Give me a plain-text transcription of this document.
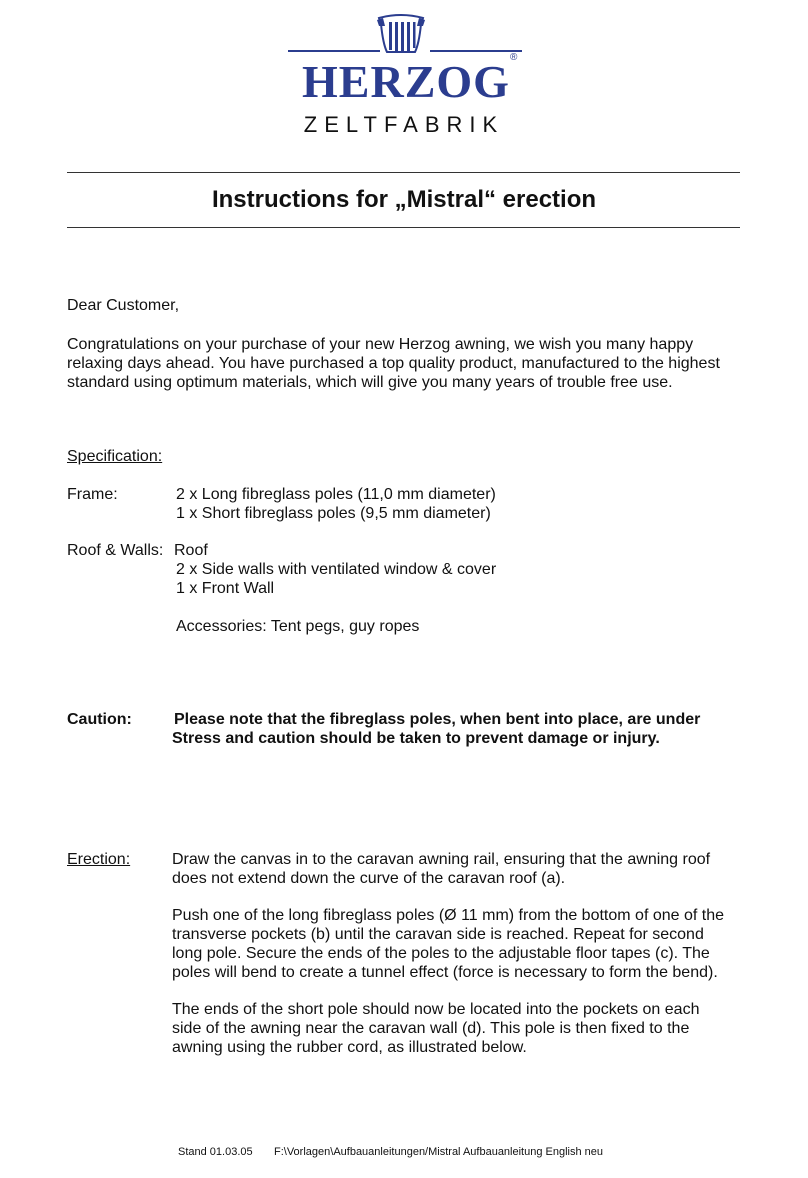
HERZOG ®
ZELTFABRIK
Instructions for „Mistral“ erection

Dear Customer,

Congratulations on your purchase of your new Herzog awning, we wish you many happy

relaxing days ahead. You have purchased a top quality product, manufactured to the highest

standard using optimum materials, which will give you many years of trouble free use.

Specification:

Frame:	2 x Long fibreglass poles (11,0 mm diameter)

1 x Short fibreglass poles (9,5 mm diameter)

Roof & Walls: Roof

2 x Side walls with ventilated window & cover

1 x Front Wall

Accessories: Tent pegs, guy ropes

Caution:	Please note that the fibreglass poles, when bent into place, are under

Stress and caution should be taken to prevent damage or injury.

Erection:	Draw the canvas in to the caravan awning rail, ensuring that the awning roof

does not extend down the curve of the caravan roof (a).

Push one of the long fibreglass poles (Ø 11 mm) from the bottom of one of the

transverse pockets (b) until the caravan side is reached. Repeat for second

long pole. Secure the ends of the poles to the adjustable floor tapes (c). The

poles will bend to create a tunnel effect (force is necessary to form the bend).

The ends of the short pole should now be located into the pockets on each

side of the awning near the caravan wall (d). This pole is then fixed to the

awning using the rubber cord, as illustrated below.

Stand 01.03.05 F:\Vorlagen\Aufbauanleitungen/Mistral Aufbauanleitung English neu
